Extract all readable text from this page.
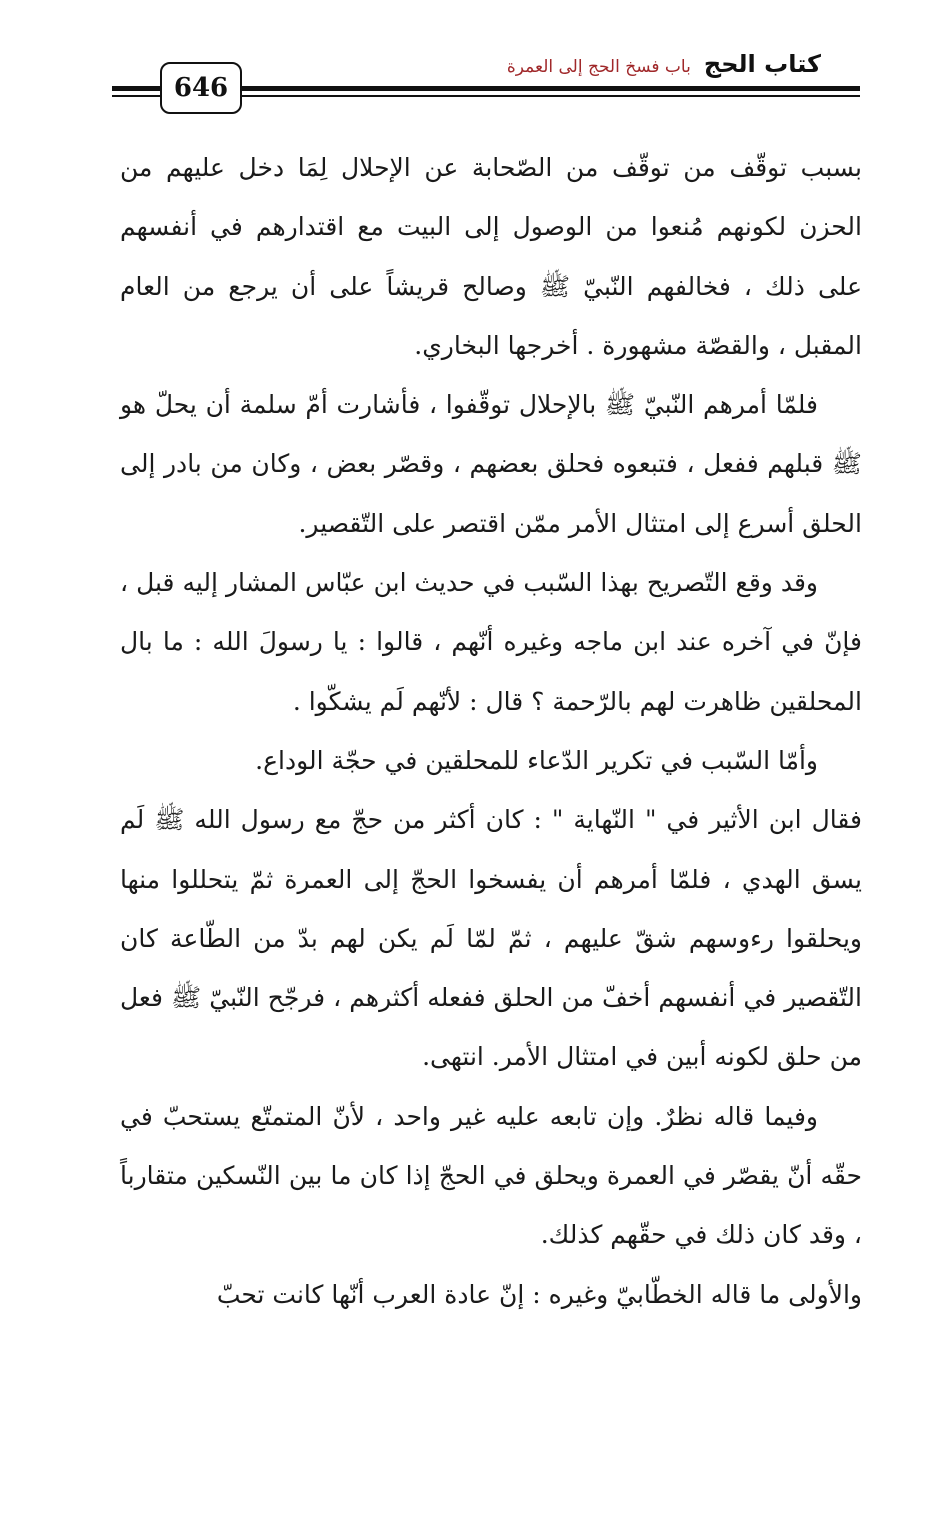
646
كتاب الحج باب فسخ الحج إلى العمرة

بسبب توقّف من توقّف من الصّحابة عن الإحلال لِمَا دخل عليهم من الحزن لكونهم مُنعوا من الوصول إلى البيت مع اقتدارهم في أنفسهم على ذلك ، فخالفهم النّبيّ ﷺ وصالح قريشاً على أن يرجع من العام المقبل ، والقصّة مشهورة . أخرجها البخاري.

فلمّا أمرهم النّبيّ ﷺ بالإحلال توقّفوا ، فأشارت أمّ سلمة أن يحلّ هو ﷺ قبلهم ففعل ، فتبعوه فحلق بعضهم ، وقصّر بعض ، وكان من بادر إلى الحلق أسرع إلى امتثال الأمر ممّن اقتصر على التّقصير.

وقد وقع التّصريح بهذا السّبب في حديث ابن عبّاس المشار إليه قبل ، فإنّ في آخره عند ابن ماجه وغيره أنّهم ، قالوا : يا رسولَ الله : ما بال المحلقين ظاهرت لهم بالرّحمة ؟ قال : لأنّهم لَم يشكّوا .

وأمّا السّبب في تكرير الدّعاء للمحلقين في حجّة الوداع.

فقال ابن الأثير في " النّهاية " : كان أكثر من حجّ مع رسول الله ﷺ لَم يسق الهدي ، فلمّا أمرهم أن يفسخوا الحجّ إلى العمرة ثمّ يتحللوا منها ويحلقوا رءوسهم شقّ عليهم ، ثمّ لمّا لَم يكن لهم بدّ من الطّاعة كان التّقصير في أنفسهم أخفّ من الحلق ففعله أكثرهم ، فرجّح النّبيّ ﷺ فعل من حلق لكونه أبين في امتثال الأمر. انتهى.

وفيما قاله نظرٌ. وإن تابعه عليه غير واحد ، لأنّ المتمتّع يستحبّ في حقّه أنّ يقصّر في العمرة ويحلق في الحجّ إذا كان ما بين النّسكين متقارباً ، وقد كان ذلك في حقّهم كذلك.

والأولى ما قاله الخطّابيّ وغيره : إنّ عادة العرب أنّها كانت تحبّ
